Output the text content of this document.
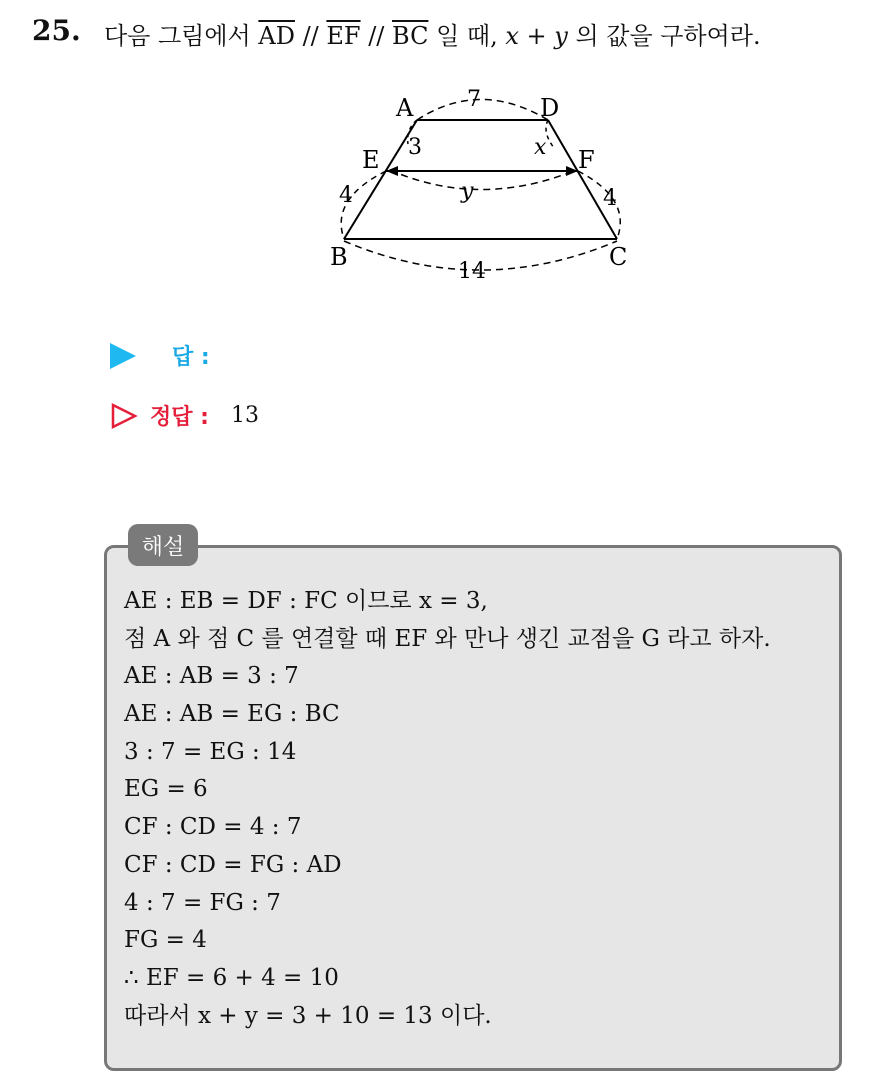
25. 다음 그림에서 $\overline{AD} // \overline{EF} // \overline{BC}$ 일 때, x + y 의 값을 구하여라.
A	D
E	F
B	C
7
3	x
y
4	4
14
답 :
정답 : 13
해설
AE : EB = DF : FC 이므로 x = 3,
점 A 와 점 C 를 연결할 때 EF 와 만나 생긴 교점을 G 라고 하자.
AE : AB = 3 : 7
AE : AB = EG : BC
3 : 7 = EG : 14
EG = 6
CF : CD = 4 : 7
CF : CD = FG : AD
4 : 7 = FG : 7
FG = 4
∴ EF = 6 + 4 = 10
따라서 x + y = 3 + 10 = 13 이다.
